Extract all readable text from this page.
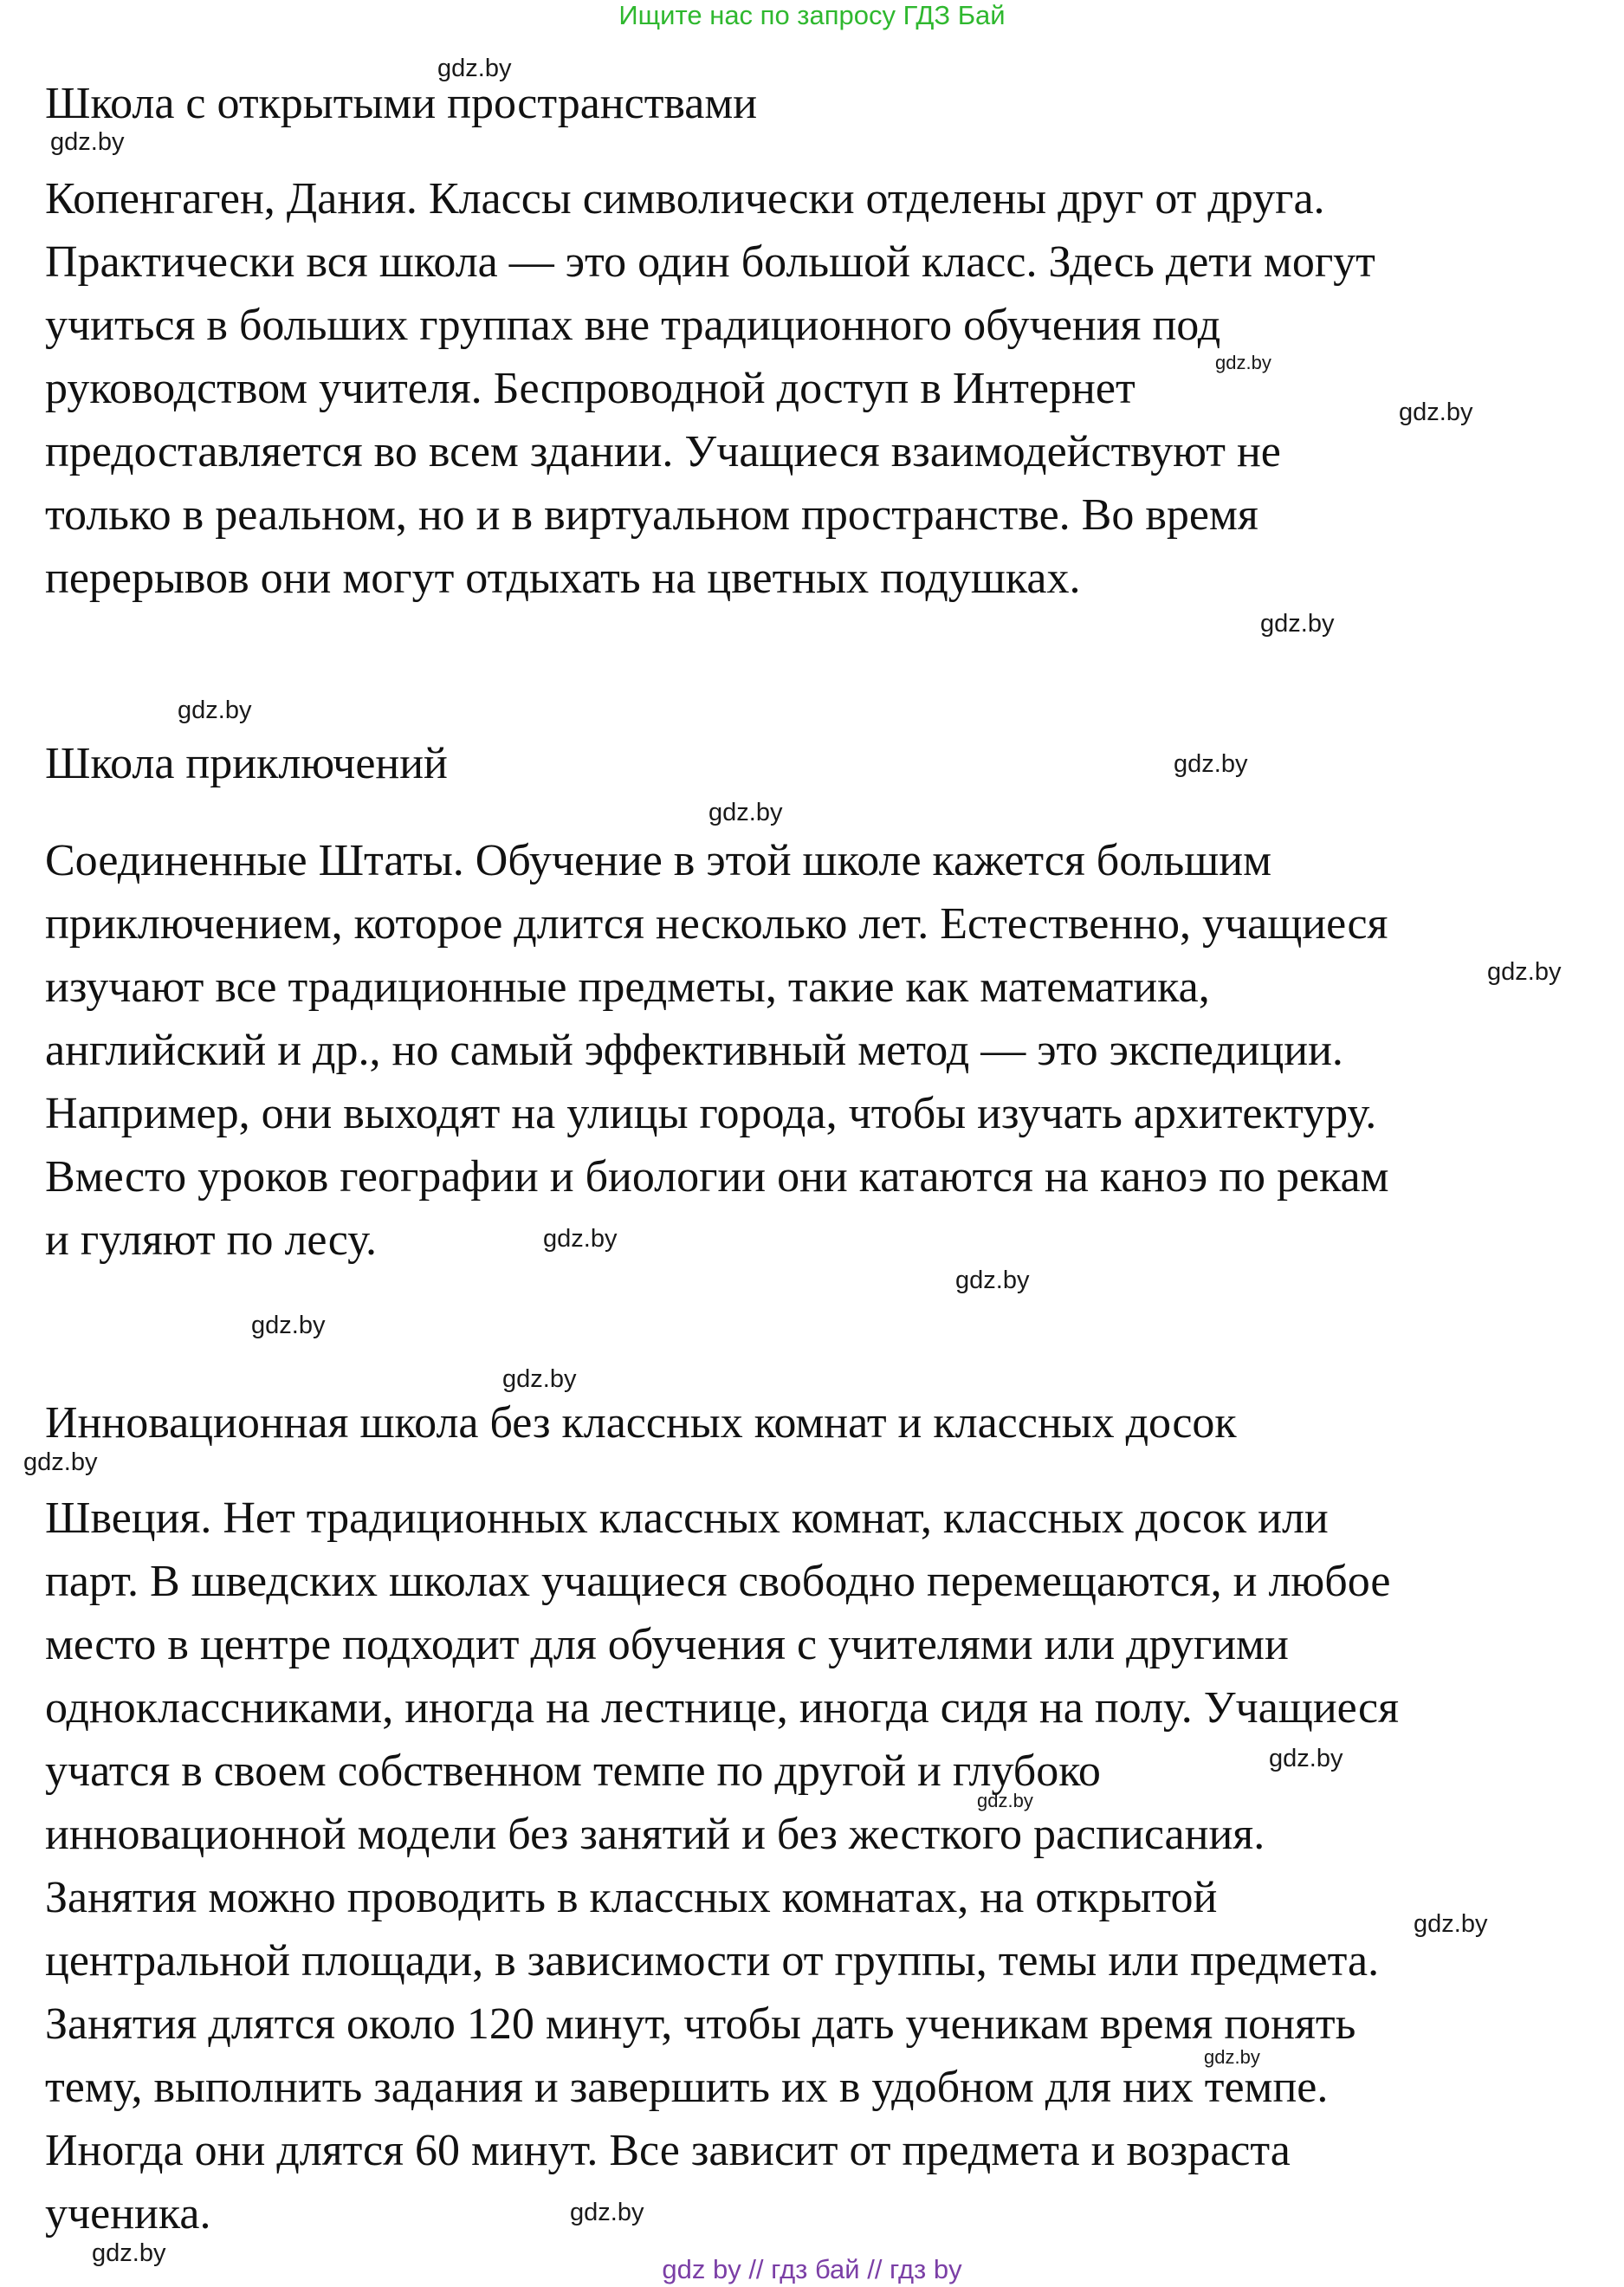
Ищите нас по запросу ГДЗ Бай
Школа с открытыми пространствами
Копенгаген, Дания. Классы символически отделены друг от друга.
Практически вся школа — это один большой класс. Здесь дети могут
учиться в больших группах вне традиционного обучения под
руководством учителя. Беспроводной доступ в Интернет
предоставляется во всем здании. Учащиеся взаимодействуют не
только в реальном, но и в виртуальном пространстве. Во время
перерывов они могут отдыхать на цветных подушках.
Школа приключений
Соединенные Штаты. Обучение в этой школе кажется большим
приключением, которое длится несколько лет. Естественно, учащиеся
изучают все традиционные предметы, такие как математика,
английский и др., но самый эффективный метод — это экспедиции.
Например, они выходят на улицы города, чтобы изучать архитектуру.
Вместо уроков географии и биологии они катаются на каноэ по рекам
и гуляют по лесу.
Инновационная школа без классных комнат и классных досок
Швеция. Нет традиционных классных комнат, классных досок или
парт. В шведских школах учащиеся свободно перемещаются, и любое
место в центре подходит для обучения с учителями или другими
одноклассниками, иногда на лестнице, иногда сидя на полу. Учащиеся
учатся в своем собственном темпе по другой и глубоко
инновационной модели без занятий и без жесткого расписания.
Занятия можно проводить в классных комнатах, на открытой
центральной площади, в зависимости от группы, темы или предмета.
Занятия длятся около 120 минут, чтобы дать ученикам время понять
тему, выполнить задания и завершить их в удобном для них темпе.
Иногда они длятся 60 минут. Все зависит от предмета и возраста
ученика.
gdz.by
gdz.by
gdz.by
gdz.by
gdz.by
gdz.by
gdz.by
gdz.by
gdz.by
gdz.by
gdz.by
gdz.by
gdz.by
gdz.by
gdz.by
gdz.by
gdz.by
gdz.by
gdz.by
gdz.by
gdz by // гдз бай // гдз by
